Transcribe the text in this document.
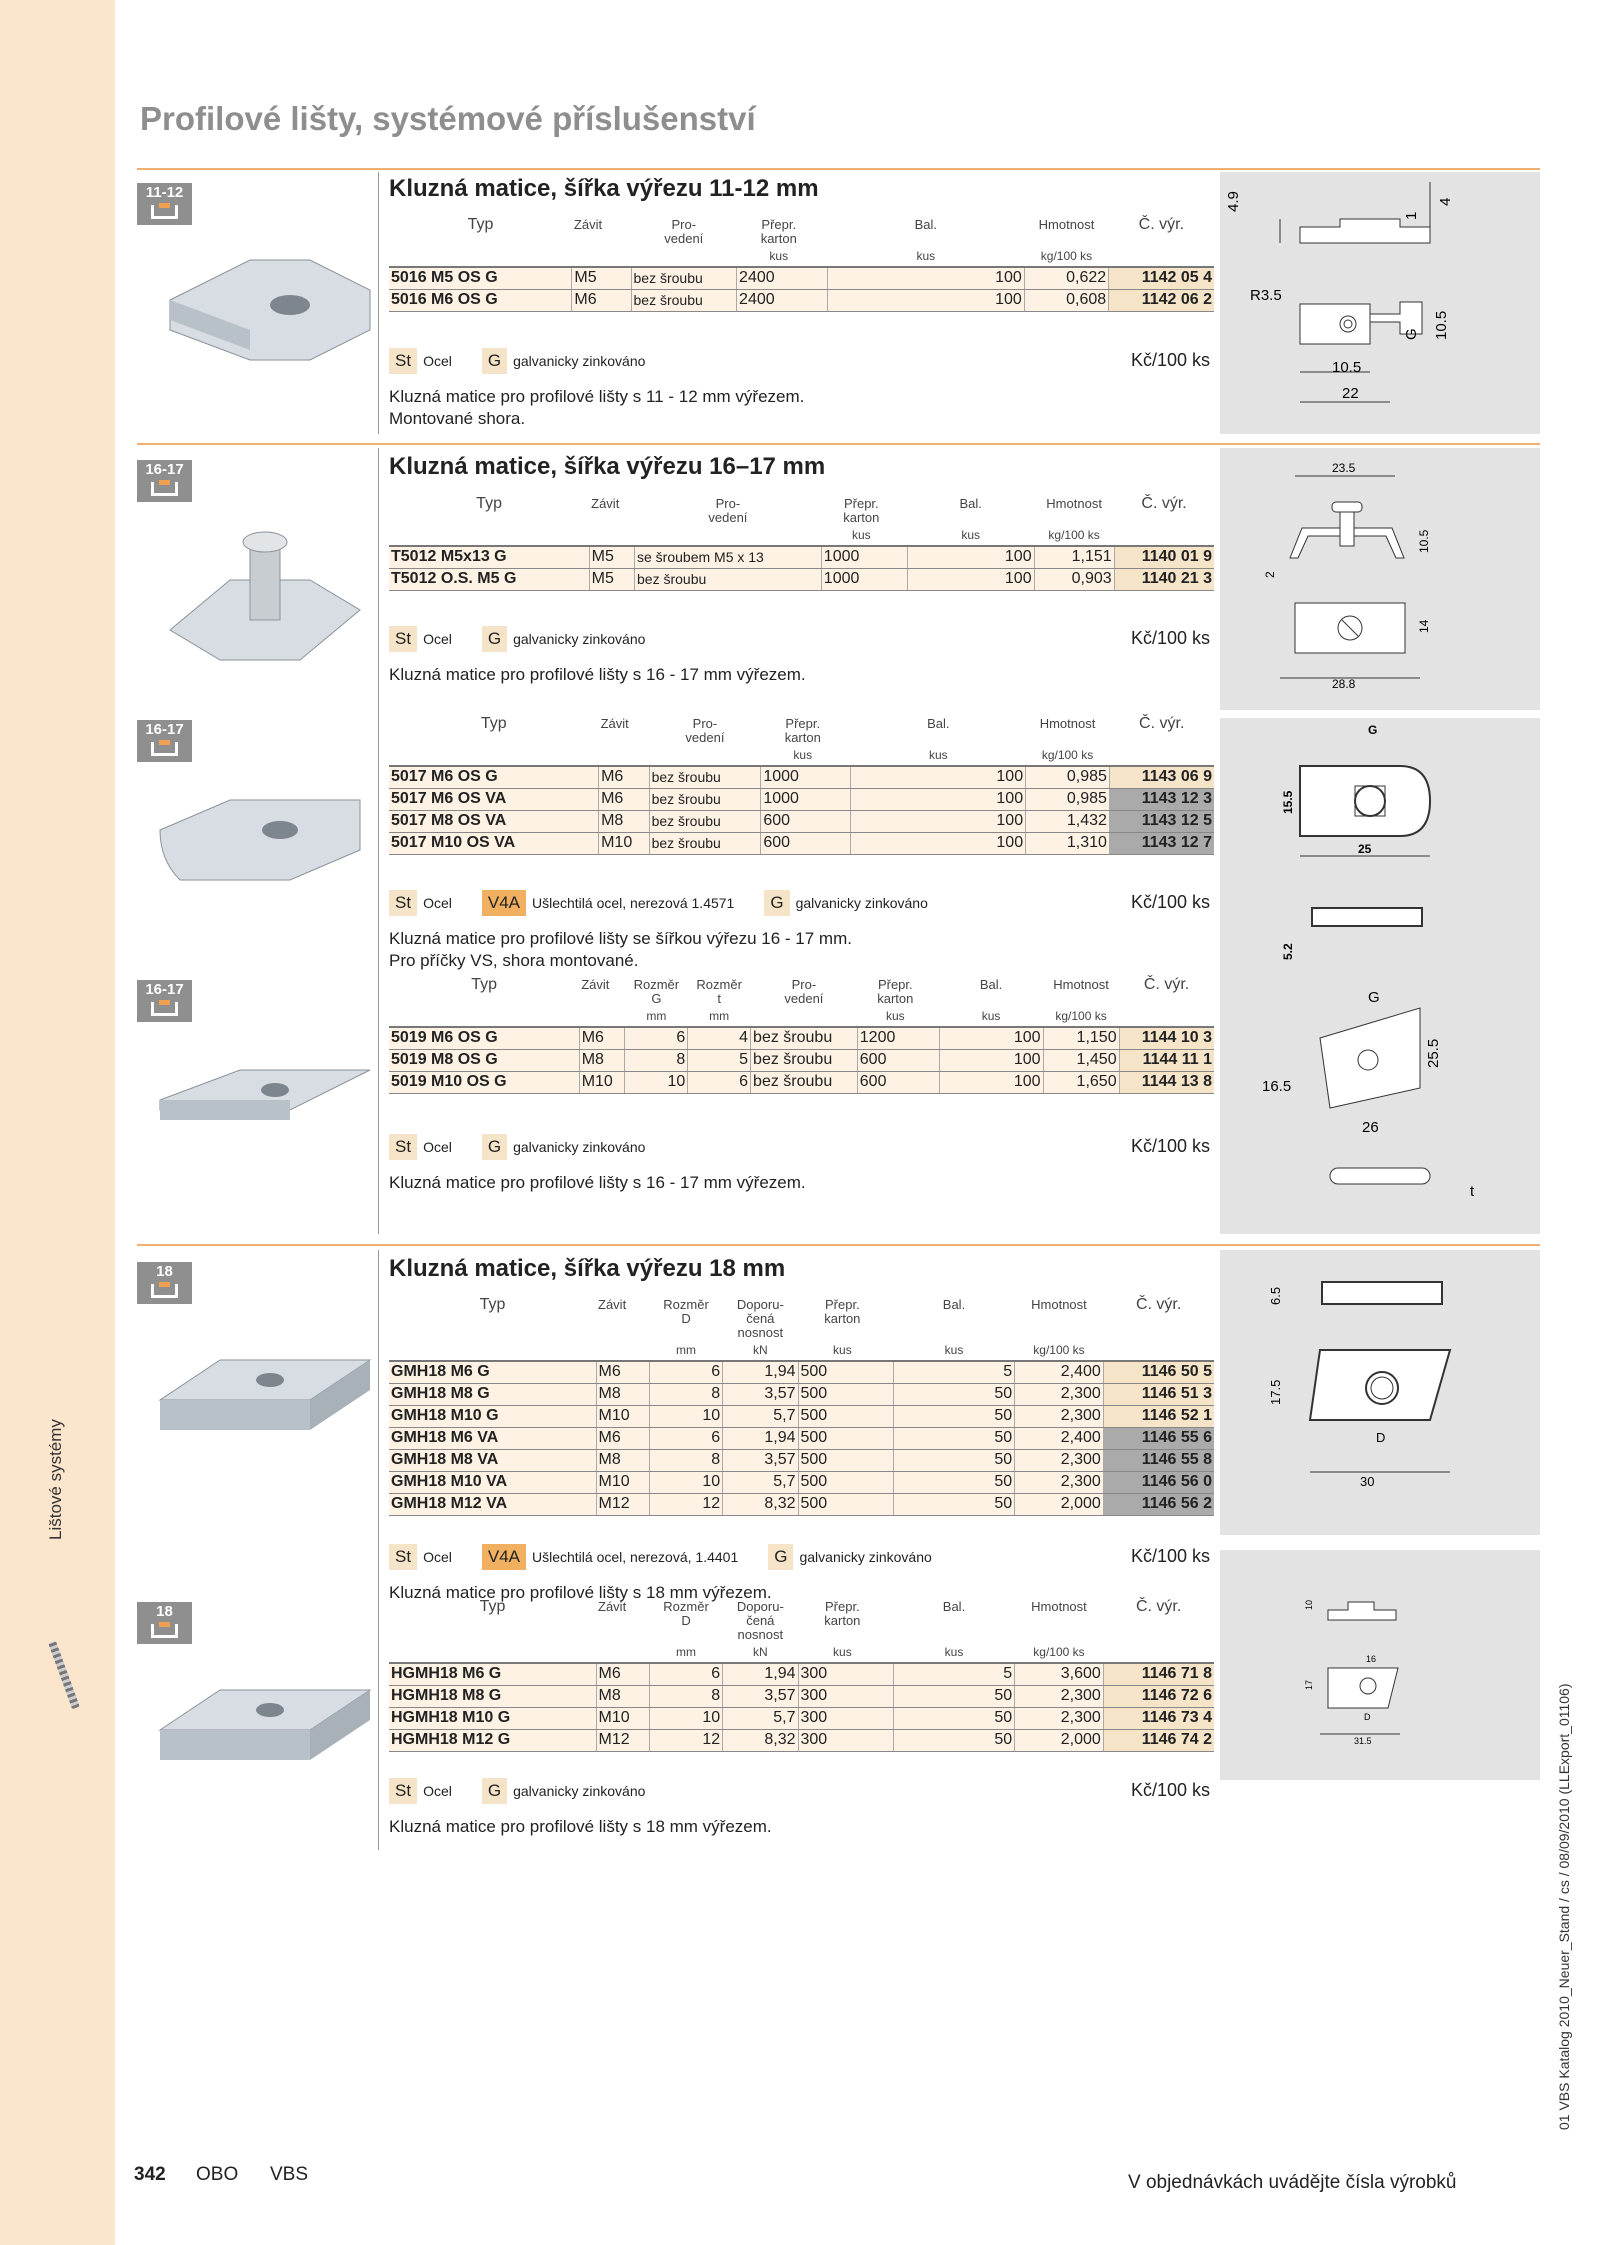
Lištové systémy
01 VBS Katalog 2010_Neuer_Stand / cs / 08/09/2010 (LLExport_01106)
Profilové lišty, systémové příslušenství
11-12	Kluzná matice, šířka výřezu 11-12 mm
Typ	Závit	Pro-
vedení	Přepr.
karton		Bal.	Hmotnost	Č. výr.
			kus		kus	kg/100 ks	
5016 M5 OS G	M5	bez šroubu	2400		100	0,622	1142 05 4
5016 M6 OS G	M6	bez šroubu	2400		100	0,608	1142 06 2
St Ocel	G galvanicky zinkováno	Kč/100 ks
Kluzná matice pro profilové lišty s 11 - 12 mm výřezem.
Montované shora.
16-17	Kluzná matice, šířka výřezu 16–17 mm
Typ	Závit	Pro-
vedení	Přepr.
karton		Bal.	Hmotnost	Č. výr.
			kus		kus	kg/100 ks	
T5012 M5x13 G	M5	se šroubem M5 x 13	1000		100	1,151	1140 01 9
T5012 O.S. M5 G	M5	bez šroubu	1000		100	0,903	1140 21 3
St Ocel	G galvanicky zinkováno	Kč/100 ks
Kluzná matice pro profilové lišty s 16 - 17 mm výřezem.
16-17	Typ	Závit	Pro-
vedení	Přepr.
karton		Bal.	Hmotnost	Č. výr.
			kus		kus	kg/100 ks	
5017 M6 OS G	M6	bez šroubu	1000		100	0,985	1143 06 9
5017 M6 OS VA	M6	bez šroubu	1000		100	0,985	1143 12 3
5017 M8 OS VA	M8	bez šroubu	600		100	1,432	1143 12 5
5017 M10 OS VA	M10	bez šroubu	600		100	1,310	1143 12 7
St Ocel	V4A Ušlechtilá ocel, nerezová 1.4571	G galvanicky zinkováno	Kč/100 ks
Kluzná matice pro profilové lišty se šířkou výřezu 16 - 17 mm.
Pro příčky VS, shora montované.
16-17	Typ	Závit	Rozměr
G	Rozměr
t	Pro-
vedení	Přepr.
karton		Bal.	Hmotnost	Č. výr.
		mm	mm		kus		kus	kg/100 ks	
5019 M6 OS G	M6	6	4	bez šroubu	1200		100	1,150	1144 10 3
5019 M8 OS G	M8	8	5	bez šroubu	600		100	1,450	1144 11 1
5019 M10 OS G	M10	10	6	bez šroubu	600		100	1,650	1144 13 8
St Ocel	G galvanicky zinkováno	Kč/100 ks
Kluzná matice pro profilové lišty s 16 - 17 mm výřezem.
18	Kluzná matice, šířka výřezu 18 mm
Typ	Závit	Rozměr
D	Doporu-
čená
nosnost	Přepr.
karton		Bal.	Hmotnost	Č. výr.
		mm	kN	kus		kus	kg/100 ks	
GMH18 M6 G	M6	6	1,94	500		5	2,400	1146 50 5
GMH18 M8 G	M8	8	3,57	500		50	2,300	1146 51 3
GMH18 M10 G	M10	10	5,7	500		50	2,300	1146 52 1
GMH18 M6 VA	M6	6	1,94	500		50	2,400	1146 55 6
GMH18 M8 VA	M8	8	3,57	500		50	2,300	1146 55 8
GMH18 M10 VA	M10	10	5,7	500		50	2,300	1146 56 0
GMH18 M12 VA	M12	12	8,32	500		50	2,000	1146 56 2
St Ocel	V4A Ušlechtilá ocel, nerezová, 1.4401	G galvanicky zinkováno	Kč/100 ks
Kluzná matice pro profilové lišty s 18 mm výřezem.
18	Typ	Závit	Rozměr
D	Doporu-
čená
nosnost	Přepr.
karton		Bal.	Hmotnost	Č. výr.
		mm	kN	kus		kus	kg/100 ks	
HGMH18 M6 G	M6	6	1,94	300		5	3,600	1146 71 8
HGMH18 M8 G	M8	8	3,57	300		50	2,300	1146 72 6
HGMH18 M10 G	M10	10	5,7	300		50	2,300	1146 73 4
HGMH18 M12 G	M12	12	8,32	300		50	2,000	1146 74 2
St Ocel	G galvanicky zinkováno	Kč/100 ks
Kluzná matice pro profilové lišty s 18 mm výřezem.
4.9
1
4
R3.5
G 10.5
10.5
22
23.5
10.5
2
14
28.8
G
15.5
25
5.2
G
25.5
16.5
26
t
6.5
17.5
D
30
10
17
16
D
31.5
342 OBO VBS	V objednávkách uvádějte čísla výrobků
